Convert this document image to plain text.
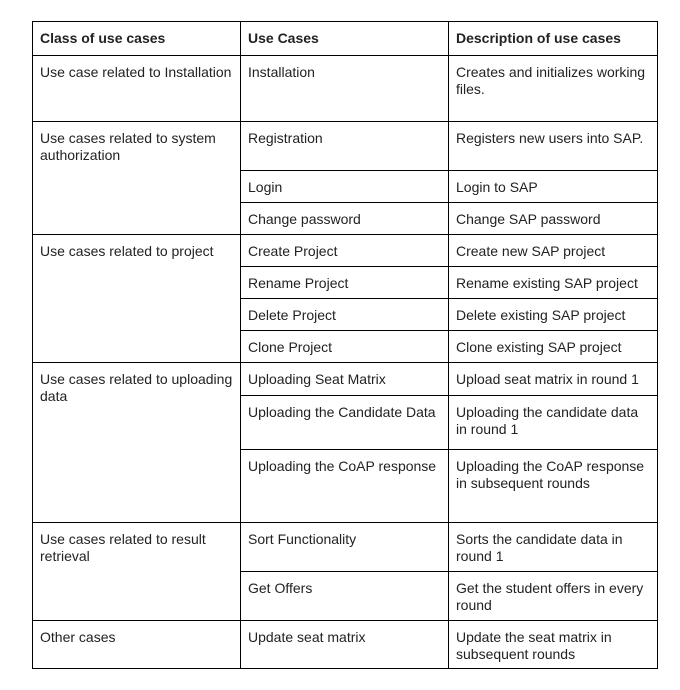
Class of use cases	Use Cases	Description of use cases
Use case related to Installation	Installation	Creates and initializes working files.
Use cases related to system authorization	Registration	Registers new users into SAP.
	Login	Login to SAP
	Change password	Change SAP password
Use cases related to project	Create Project	Create new SAP project
	Rename Project	Rename existing SAP project
	Delete Project	Delete existing SAP project
	Clone Project	Clone existing SAP project
Use cases related to uploading data	Uploading Seat Matrix	Upload seat matrix in round 1
	Uploading the Candidate Data	Uploading the candidate data in round 1
	Uploading the CoAP response	Uploading the CoAP response in subsequent rounds
Use cases related to result retrieval	Sort Functionality	Sorts the candidate data in round 1
	Get Offers	Get the student offers in every round
Other cases	Update seat matrix	Update the seat matrix in subsequent rounds
